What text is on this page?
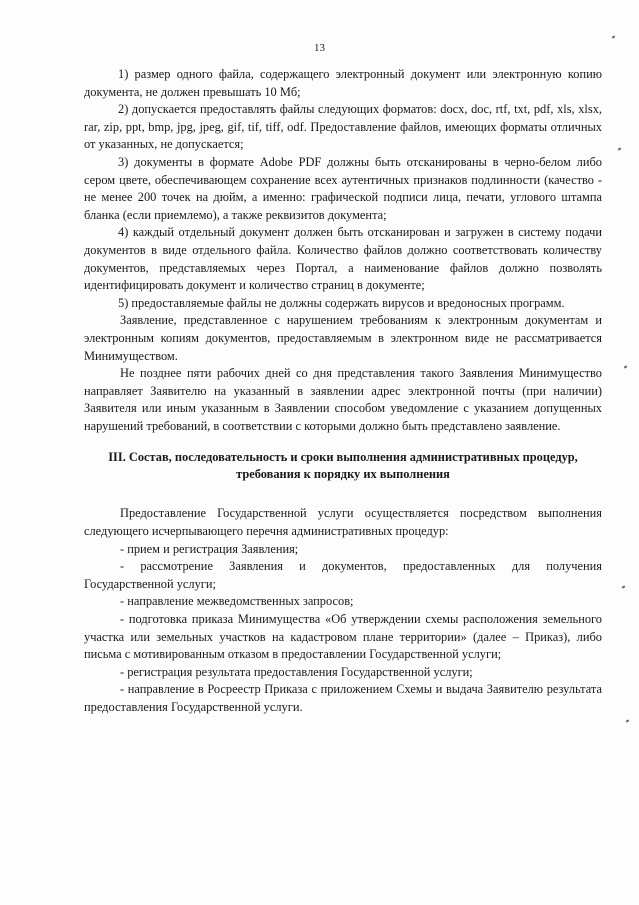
13

1) размер одного файла, содержащего электронный документ или электронную копию документа, не должен превышать 10 Мб;

2) допускается предоставлять файлы следующих форматов: docx, doc, rtf, txt, pdf, xls, xlsx, rar, zip, ppt, bmp, jpg, jpeg, gif, tif, tiff, odf. Предоставление файлов, имеющих форматы отличных от указанных, не допускается;

3) документы в формате Adobe PDF должны быть отсканированы в черно-белом либо сером цвете, обеспечивающем сохранение всех аутентичных признаков подлинности (качество - не менее 200 точек на дюйм, а именно: графической подписи лица, печати, углового штампа бланка (если приемлемо), а также реквизитов документа;

4) каждый отдельный документ должен быть отсканирован и загружен в систему подачи документов в виде отдельного файла. Количество файлов должно соответствовать количеству документов, представляемых через Портал, а наименование файлов должно позволять идентифицировать документ и количество страниц в документе;

5) предоставляемые файлы не должны содержать вирусов и вредоносных программ.

Заявление, представленное с нарушением требованиям к электронным документам и электронным копиям документов, предоставляемым в электронном виде не рассматривается Минимуществом.

Не позднее пяти рабочих дней со дня представления такого Заявления Минимущество направляет Заявителю на указанный в заявлении адрес электронной почты (при наличии) Заявителя или иным указанным в Заявлении способом уведомление с указанием допущенных нарушений требований, в соответствии с которыми должно быть представлено заявление.

III. Состав, последовательность и сроки выполнения административных процедур, требования к порядку их выполнения

Предоставление Государственной услуги осуществляется посредством выполнения следующего исчерпывающего перечня административных процедур:

- прием и регистрация Заявления;

- рассмотрение Заявления и документов, предоставленных для получения Государственной услуги;

- направление межведомственных запросов;

- подготовка приказа Минимущества «Об утверждении схемы расположения земельного участка или земельных участков на кадастровом плане территории» (далее – Приказ), либо письма с мотивированным отказом в предоставлении Государственной услуги;

- регистрация результата предоставления Государственной услуги;

- направление в Росреестр Приказа с приложением Схемы и выдача Заявителю результата предоставления Государственной услуги.
